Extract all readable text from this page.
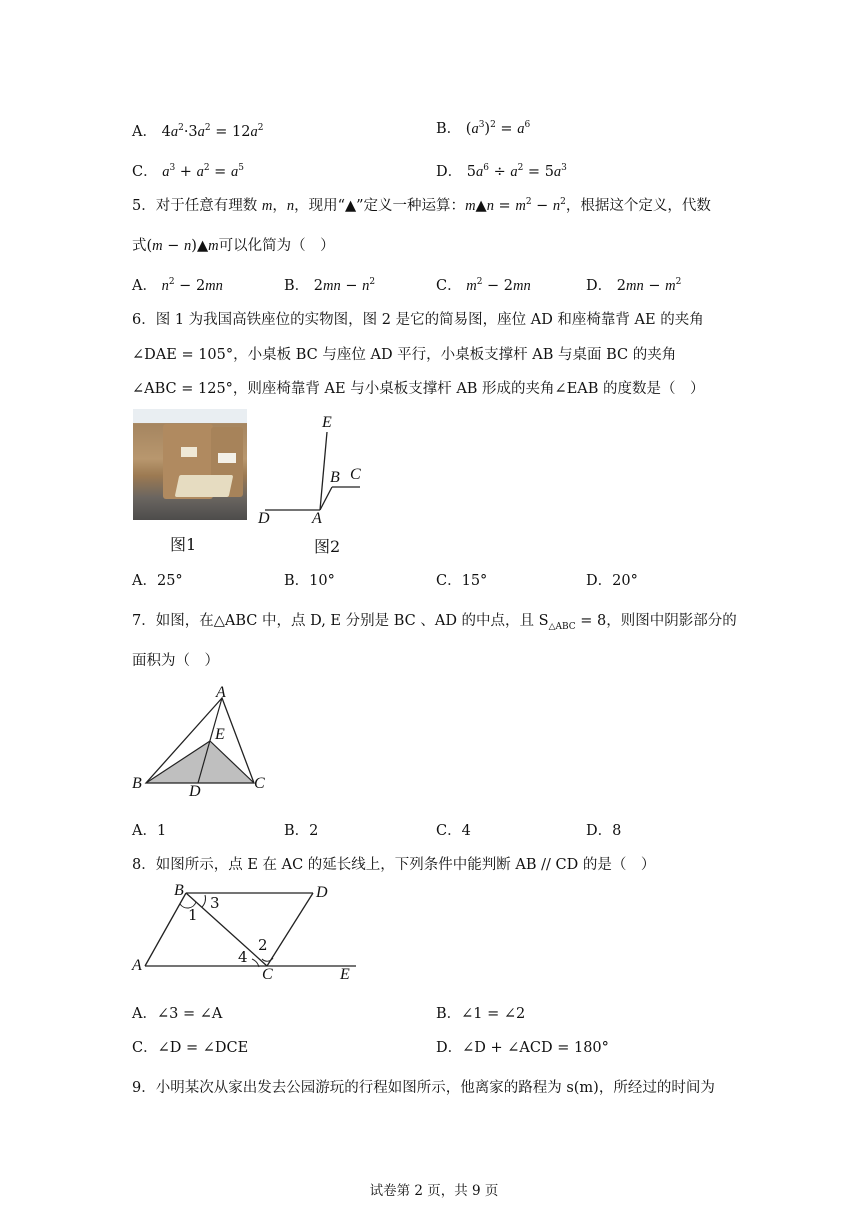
A． $4a^2\cdot 3a^2 = 12a^2$	B． $(a^3)^2 = a^6$
C． $a^3 + a^2 = a^5$	D． $5a^6 \div a^2 = 5a^3$
5．对于任意有理数 m，n，现用“▲”定义一种运算：m▲n = $m^2 - n^2$，根据这个定义，代数
式(m − n)▲m可以化简为（　）
A． $n^2 - 2mn$	B． $2mn - n^2$	C． $m^2 - 2mn$	D． $2mn - m^2$
6．图 1 为我国高铁座位的实物图，图 2 是它的简易图，座位 AD 和座椅靠背 AE 的夹角
∠DAE = 105°，小桌板 BC 与座位 AD 平行，小桌板支撑杆 AB 与桌面 BC 的夹角
∠ABC = 125°，则座椅靠背 AE 与小桌板支撑杆 AB 形成的夹角∠EAB 的度数是（　）
图1
E
B C
D	A
图2
A．25°	B．10°	C．15°	D．20°
7．如图，在△ABC 中，点 D, E 分别是 BC 、AD 的中点，且 $S_{\triangle ABC} = 8$，则图中阴影部分的
面积为（　）
A
E
B	D	C
A．1	B．2	C．4	D．8
8．如图所示，点 E 在 AC 的延长线上，下列条件中能判断 AB // CD 的是（　）
B	D
A
C	E
1
2
3
4
A．∠3 = ∠A	B．∠1 = ∠2
C．∠D = ∠DCE	D．∠D + ∠ACD = 180°
9．小明某次从家出发去公园游玩的行程如图所示，他离家的路程为 s(m)，所经过的时间为
试卷第 2 页，共 9 页
